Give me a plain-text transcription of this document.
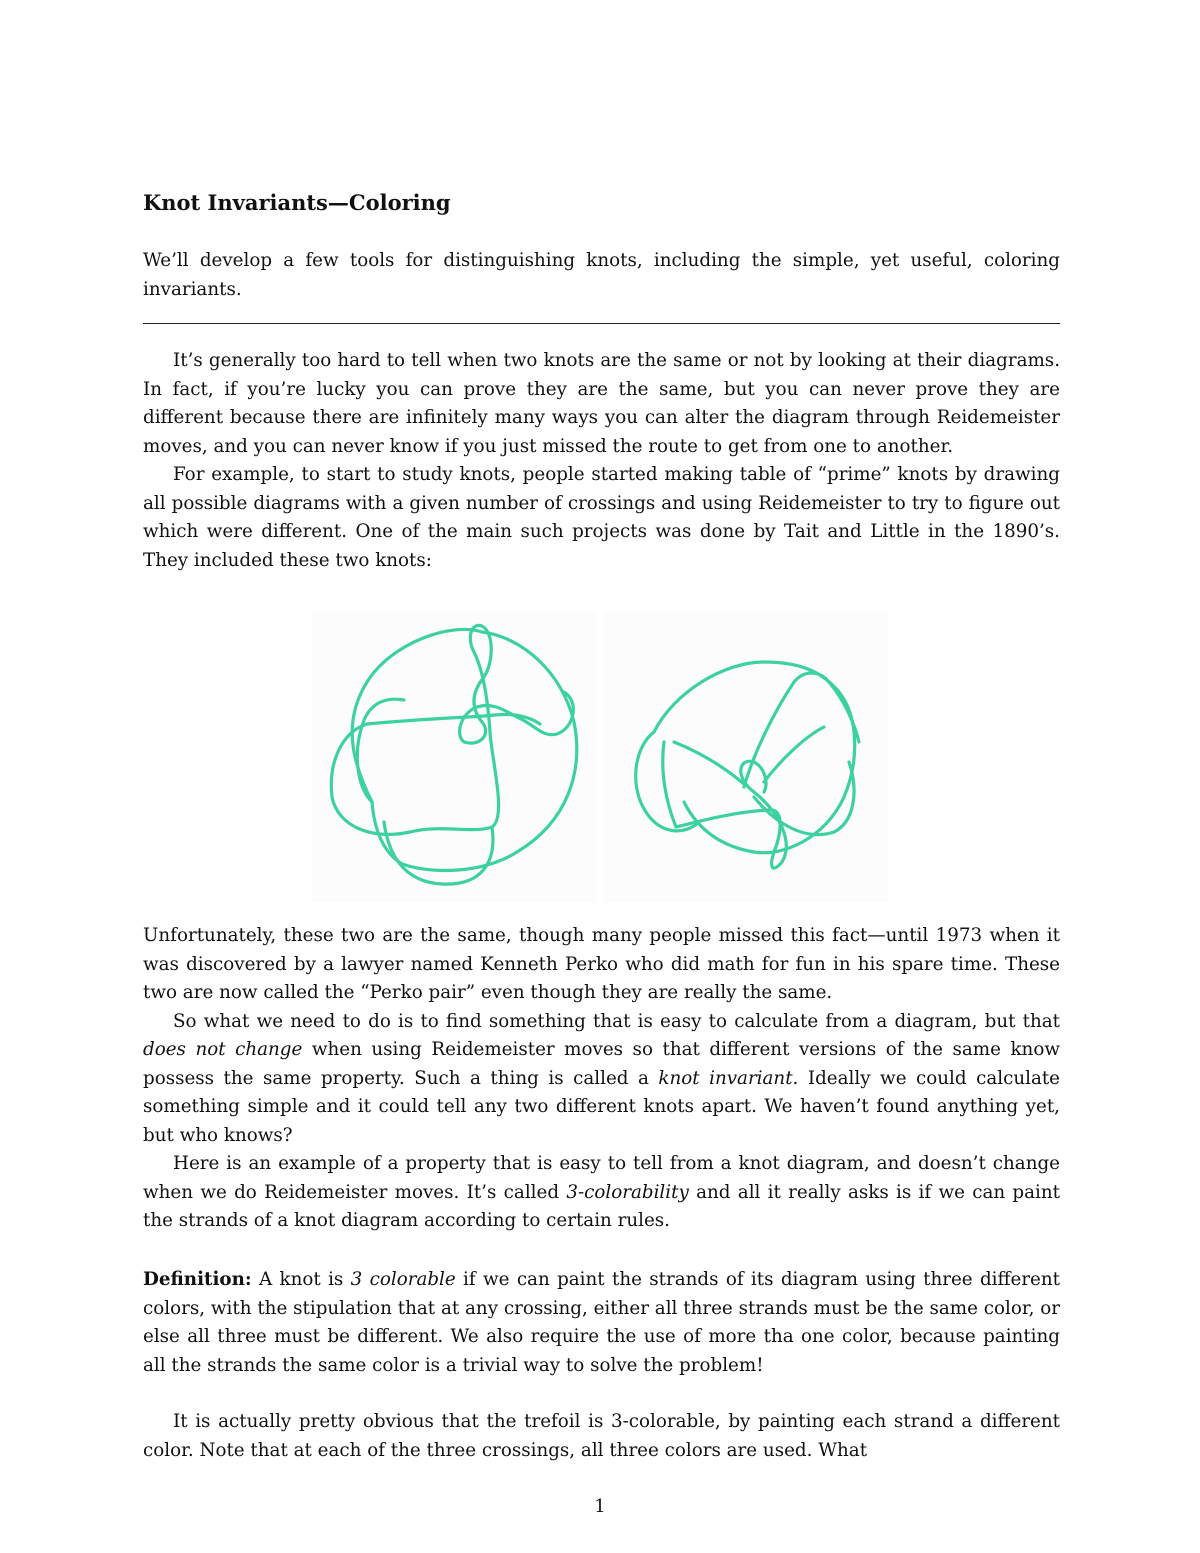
Knot Invariants—Coloring

We’ll develop a few tools for distinguishing knots, including the simple, yet useful, coloring invariants.

It’s generally too hard to tell when two knots are the same or not by looking at their diagrams. In fact, if you’re lucky you can prove they are the same, but you can never prove they are different because there are infinitely many ways you can alter the diagram through Reidemeister moves, and you can never know if you just missed the route to get from one to another.

For example, to start to study knots, people started making table of “prime” knots by drawing all possible diagrams with a given number of crossings and using Reidemeister to try to figure out which were different. One of the main such projects was done by Tait and Little in the 1890’s. They included these two knots:

Unfortunately, these two are the same, though many people missed this fact—until 1973 when it was discovered by a lawyer named Kenneth Perko who did math for fun in his spare time. These two are now called the “Perko pair” even though they are really the same.

So what we need to do is to find something that is easy to calculate from a diagram, but that does not change when using Reidemeister moves so that different versions of the same know possess the same property. Such a thing is called a knot invariant. Ideally we could calculate something simple and it could tell any two different knots apart. We haven’t found anything yet, but who knows?

Here is an example of a property that is easy to tell from a knot diagram, and doesn’t change when we do Reidemeister moves. It’s called 3-colorability and all it really asks is if we can paint the strands of a knot diagram according to certain rules.

Definition: A knot is 3 colorable if we can paint the strands of its diagram using three different colors, with the stipulation that at any crossing, either all three strands must be the same color, or else all three must be different. We also require the use of more tha one color, because painting all the strands the same color is a trivial way to solve the problem!

It is actually pretty obvious that the trefoil is 3-colorable, by painting each strand a different color. Note that at each of the three crossings, all three colors are used. What

1
